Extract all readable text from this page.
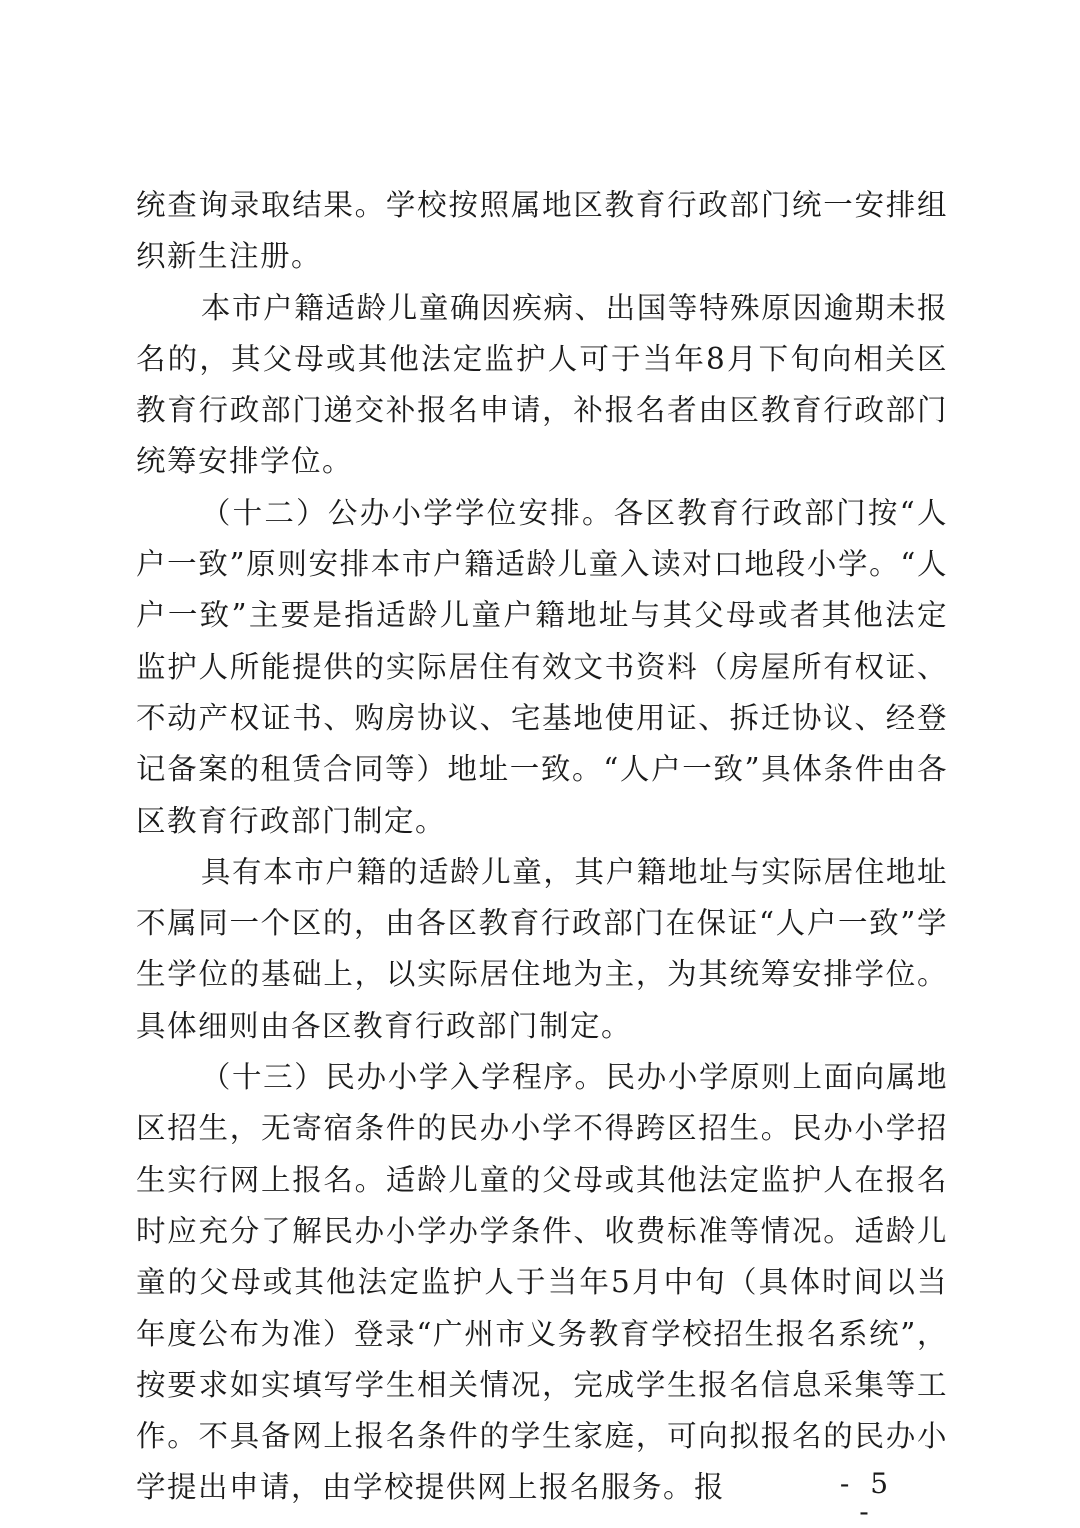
统查询录取结果。学校按照属地区教育行政部门统一安排组织新生注册。

本市户籍适龄儿童确因疾病、出国等特殊原因逾期未报名的，其父母或其他法定监护人可于当年8月下旬向相关区教育行政部门递交补报名申请，补报名者由区教育行政部门统筹安排学位。

（十二）公办小学学位安排。各区教育行政部门按“人户一致”原则安排本市户籍适龄儿童入读对口地段小学。“人户一致”主要是指适龄儿童户籍地址与其父母或者其他法定监护人所能提供的实际居住有效文书资料（房屋所有权证、不动产权证书、购房协议、宅基地使用证、拆迁协议、经登记备案的租赁合同等）地址一致。“人户一致”具体条件由各区教育行政部门制定。

具有本市户籍的适龄儿童，其户籍地址与实际居住地址不属同一个区的，由各区教育行政部门在保证“人户一致”学生学位的基础上，以实际居住地为主，为其统筹安排学位。具体细则由各区教育行政部门制定。

（十三）民办小学入学程序。民办小学原则上面向属地区招生，无寄宿条件的民办小学不得跨区招生。民办小学招生实行网上报名。适龄儿童的父母或其他法定监护人在报名时应充分了解民办小学办学条件、收费标准等情况。适龄儿童的父母或其他法定监护人于当年5月中旬（具体时间以当年度公布为准）登录“广州市义务教育学校招生报名系统”，按要求如实填写学生相关情况，完成学生报名信息采集等工作。不具备网上报名条件的学生家庭，可向拟报名的民办小学提出申请，由学校提供网上报名服务。报	- 5 -
